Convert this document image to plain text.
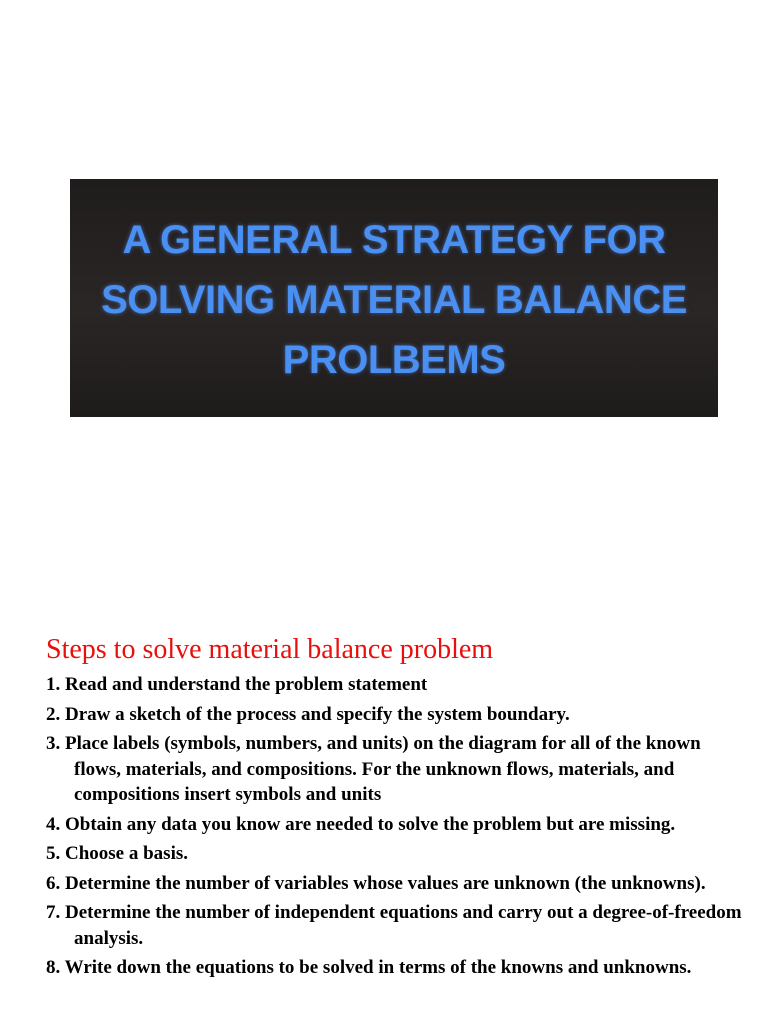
A GENERAL STRATEGY FOR
SOLVING MATERIAL BALANCE
PROLBEMS
Steps to solve material balance problem
1. Read and understand the problem statement
2. Draw a sketch of the process and specify the system boundary.
3. Place labels (symbols, numbers, and units) on the diagram for all of the known flows, materials, and compositions. For the unknown flows, materials, and compositions insert symbols and units
4. Obtain any data you know are needed to solve the problem but are missing.
5. Choose a basis.
6. Determine the number of variables whose values are unknown (the unknowns).
7. Determine the number of independent equations and carry out a degree-of-freedom analysis.
8. Write down the equations to be solved in terms of the knowns and unknowns.
